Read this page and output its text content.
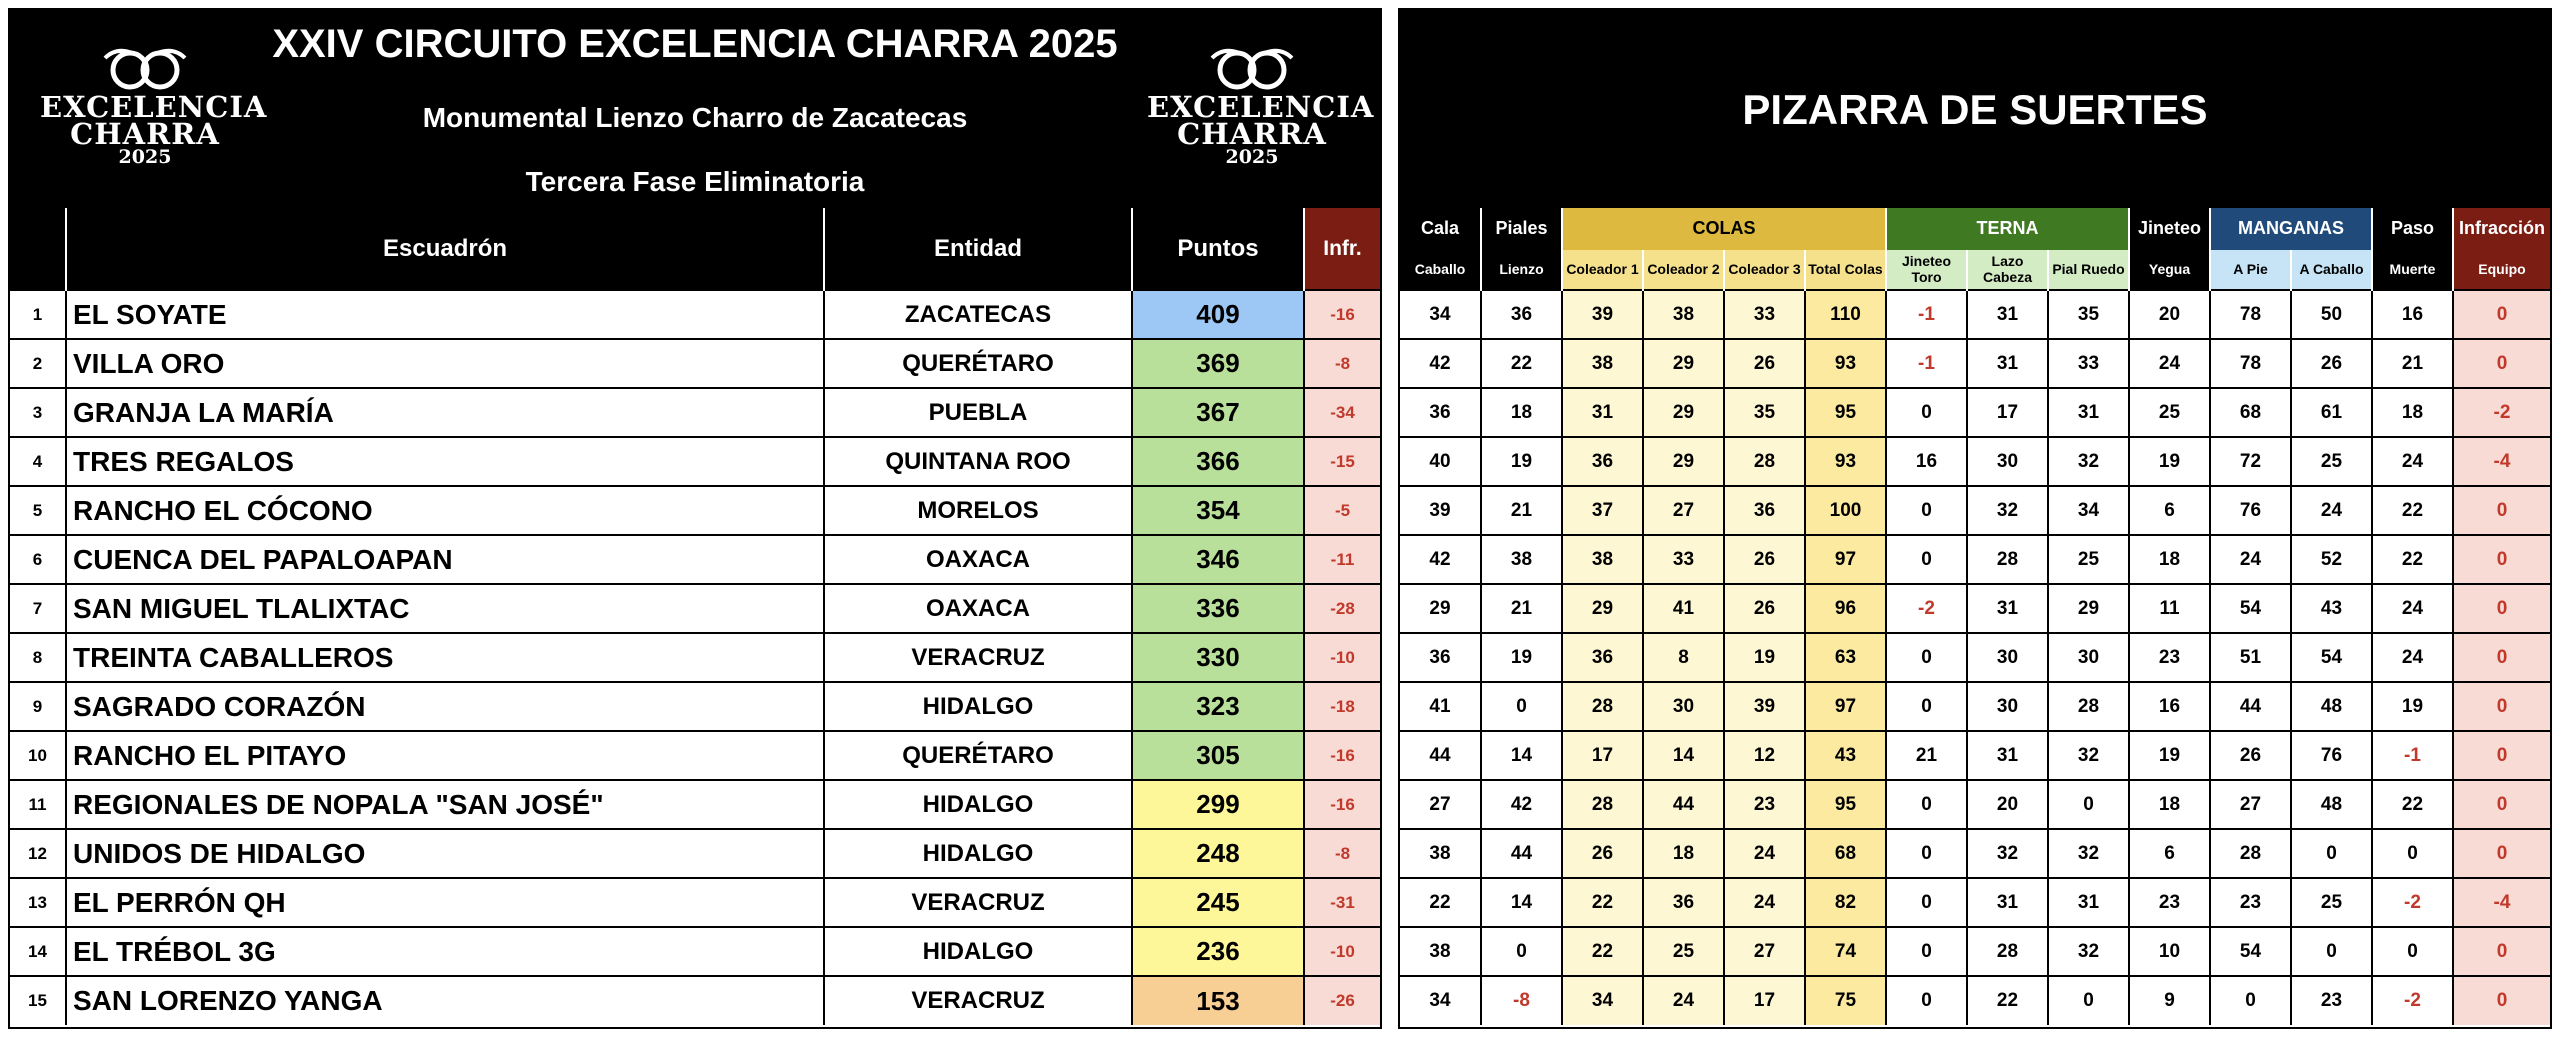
EXCELENCIA
CHARRA
2025
XXIV CIRCUITO EXCELENCIA CHARRA 2025
Monumental Lienzo Charro de Zacatecas
Tercera Fase Eliminatoria
EXCELENCIA
CHARRA
2025
	Escuadrón	Entidad	Puntos	Infr.
1	EL SOYATE	ZACATECAS	409	-16
2	VILLA ORO	QUERÉTARO	369	-8
3	GRANJA LA MARÍA	PUEBLA	367	-34
4	TRES REGALOS	QUINTANA ROO	366	-15
5	RANCHO EL CÓCONO	MORELOS	354	-5
6	CUENCA DEL PAPALOAPAN	OAXACA	346	-11
7	SAN MIGUEL TLALIXTAC	OAXACA	336	-28
8	TREINTA CABALLEROS	VERACRUZ	330	-10
9	SAGRADO CORAZÓN	HIDALGO	323	-18
10	RANCHO EL PITAYO	QUERÉTARO	305	-16
11	REGIONALES DE NOPALA "SAN JOSÉ"	HIDALGO	299	-16
12	UNIDOS DE HIDALGO	HIDALGO	248	-8
13	EL PERRÓN QH	VERACRUZ	245	-31
14	EL TRÉBOL 3G	HIDALGO	236	-10
15	SAN LORENZO YANGA	VERACRUZ	153	-26
PIZARRA DE SUERTES
Cala	Piales	COLAS				TERNA			Jineteo	MANGANAS		Paso	Infracción
Caballo	Lienzo	Coleador 1	Coleador 2	Coleador 3	Total Colas	Jineteo Toro	Lazo Cabeza	Pial Ruedo	Yegua	A Pie	A Caballo	Muerte	Equipo
34	36	39	38	33	110	-1	31	35	20	78	50	16	0
42	22	38	29	26	93	-1	31	33	24	78	26	21	0
36	18	31	29	35	95	0	17	31	25	68	61	18	-2
40	19	36	29	28	93	16	30	32	19	72	25	24	-4
39	21	37	27	36	100	0	32	34	6	76	24	22	0
42	38	38	33	26	97	0	28	25	18	24	52	22	0
29	21	29	41	26	96	-2	31	29	11	54	43	24	0
36	19	36	8	19	63	0	30	30	23	51	54	24	0
41	0	28	30	39	97	0	30	28	16	44	48	19	0
44	14	17	14	12	43	21	31	32	19	26	76	-1	0
27	42	28	44	23	95	0	20	0	18	27	48	22	0
38	44	26	18	24	68	0	32	32	6	28	0	0	0
22	14	22	36	24	82	0	31	31	23	23	25	-2	-4
38	0	22	25	27	74	0	28	32	10	54	0	0	0
34	-8	34	24	17	75	0	22	0	9	0	23	-2	0
